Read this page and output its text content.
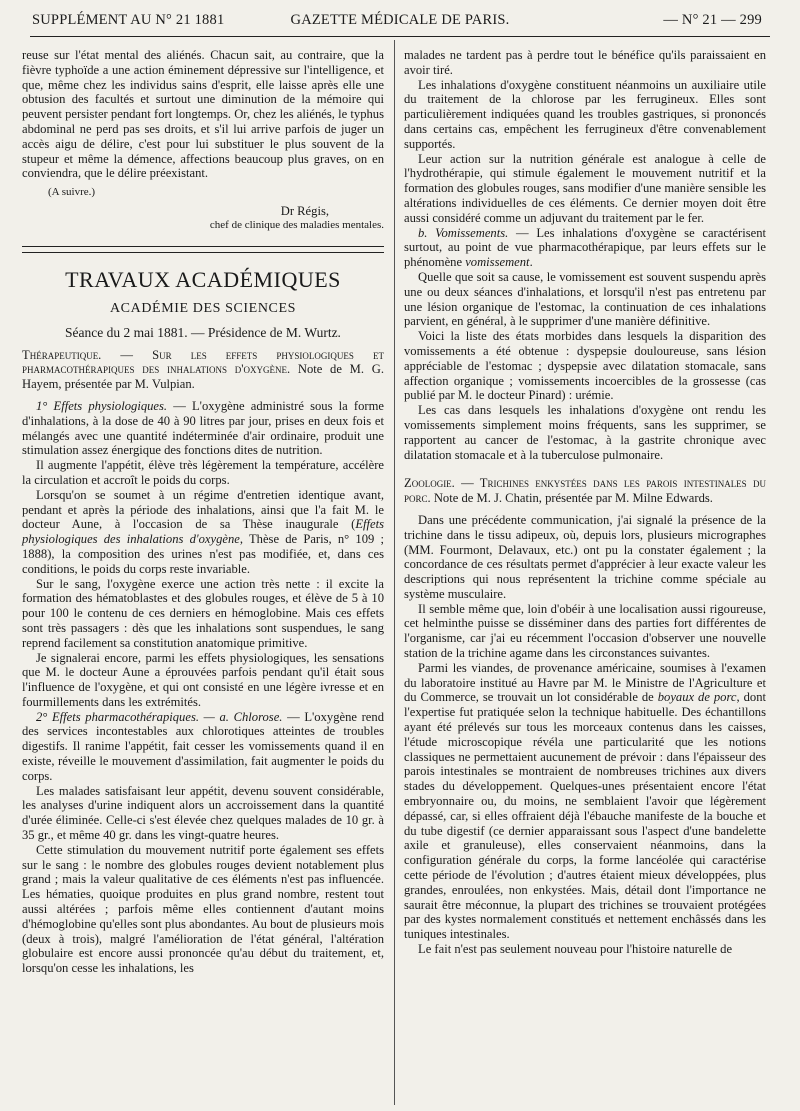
SUPPLÉMENT AU N° 21 1881	GAZETTE MÉDICALE DE PARIS.	— N° 21 — 299

reuse sur l'état mental des aliénés. Chacun sait, au contraire, que la fièvre typhoïde a une action éminement dépressive sur l'intelligence, et que, même chez les individus sains d'esprit, elle laisse après elle une obtusion des facultés et surtout une diminution de la mémoire qui peuvent persister pendant fort longtemps. Or, chez les aliénés, le typhus abdominal ne perd pas ses droits, et s'il lui arrive parfois de juger un accès aigu de délire, c'est pour lui substituer le plus souvent de la stupeur et même la démence, affections beaucoup plus graves, on en conviendra, que le délire préexistant.

(A suivre.)

Dr Régis,
chef de clinique des maladies mentales.
TRAVAUX ACADÉMIQUES
ACADÉMIE DES SCIENCES
Séance du 2 mai 1881. — Présidence de M. Wurtz.

Thérapeutique. — Sur les effets physiologiques et pharmacothérapiques des inhalations d'oxygène. Note de M. G. Hayem, présentée par M. Vulpian.

1° Effets physiologiques. — L'oxygène administré sous la forme d'inhalations, à la dose de 40 à 90 litres par jour, prises en deux fois et mélangés avec une quantité indéterminée d'air ordinaire, produit une stimulation assez énergique des fonctions dites de nutrition.

Il augmente l'appétit, élève très légèrement la température, accélère la circulation et accroît le poids du corps.

Lorsqu'on se soumet à un régime d'entretien identique avant, pendant et après la période des inhalations, ainsi que l'a fait M. le docteur Aune, à l'occasion de sa Thèse inaugurale (Effets physiologiques des inhalations d'oxygène, Thèse de Paris, n° 109 ; 1888), la composition des urines n'est pas modifiée, et, dans ces conditions, le poids du corps reste invariable.

Sur le sang, l'oxygène exerce une action très nette : il excite la formation des hématoblastes et des globules rouges, et élève de 5 à 10 pour 100 le contenu de ces derniers en hémoglobine. Mais ces effets sont très passagers : dès que les inhalations sont suspendues, le sang reprend facilement sa constitution anatomique primitive.

Je signalerai encore, parmi les effets physiologiques, les sensations que M. le docteur Aune a éprouvées parfois pendant qu'il était sous l'influence de l'oxygène, et qui ont consisté en une légère ivresse et en fourmillements dans les extrémités.

2° Effets pharmacothérapiques. — a. Chlorose. — L'oxygène rend des services incontestables aux chlorotiques atteintes de troubles digestifs. Il ranime l'appétit, fait cesser les vomissements quand il en existe, réveille le mouvement d'assimilation, fait augmenter le poids du corps.

Les malades satisfaisant leur appétit, devenu souvent considérable, les analyses d'urine indiquent alors un accroissement dans la quantité d'urée éliminée. Celle-ci s'est élevée chez quelques malades de 10 gr. à 35 gr., et même 40 gr. dans les vingt-quatre heures.

Cette stimulation du mouvement nutritif porte également ses effets sur le sang : le nombre des globules rouges devient notablement plus grand ; mais la valeur qualitative de ces éléments n'est pas influencée. Les hématies, quoique produites en plus grand nombre, restent tout aussi altérées ; parfois même elles contiennent d'autant moins d'hémoglobine qu'elles sont plus abondantes. Au bout de plusieurs mois (deux à trois), malgré l'amélioration de l'état général, l'altération globulaire est encore aussi prononcée qu'au début du traitement, et, lorsqu'on cesse les inhalations, les

malades ne tardent pas à perdre tout le bénéfice qu'ils paraissaient en avoir tiré.

Les inhalations d'oxygène constituent néanmoins un auxiliaire utile du traitement de la chlorose par les ferrugineux. Elles sont particulièrement indiquées quand les troubles gastriques, si prononcés dans certains cas, empêchent les ferrugineux d'être convenablement supportés.

Leur action sur la nutrition générale est analogue à celle de l'hydrothérapie, qui stimule également le mouvement nutritif et la formation des globules rouges, sans modifier d'une manière sensible les altérations individuelles de ces éléments. Ce dernier moyen doit être aussi considéré comme un adjuvant du traitement par le fer.

b. Vomissements. — Les inhalations d'oxygène se caractérisent surtout, au point de vue pharmacothérapique, par leurs effets sur le phénomène vomissement.

Quelle que soit sa cause, le vomissement est souvent suspendu après une ou deux séances d'inhalations, et lorsqu'il n'est pas entretenu par une lésion organique de l'estomac, la continuation de ces inhalations parvient, en général, à le supprimer d'une manière définitive.

Voici la liste des états morbides dans lesquels la disparition des vomissements a été obtenue : dyspepsie douloureuse, sans lésion appréciable de l'estomac ; dyspepsie avec dilatation stomacale, sans affection organique ; vomissements incoercibles de la grossesse (cas publié par M. le docteur Pinard) : urémie.

Les cas dans lesquels les inhalations d'oxygène ont rendu les vomissements simplement moins fréquents, sans les supprimer, se rapportent au cancer de l'estomac, à la gastrite chronique avec dilatation stomacale et à la tuberculose pulmonaire.

Zoologie. — Trichines enkystées dans les parois intestinales du porc. Note de M. J. Chatin, présentée par M. Milne Edwards.

Dans une précédente communication, j'ai signalé la présence de la trichine dans le tissu adipeux, où, depuis lors, plusieurs micrographes (MM. Fourmont, Delavaux, etc.) ont pu la constater également ; la concordance de ces résultats permet d'apprécier à leur exacte valeur les descriptions qui nous représentent la trichine comme spéciale au système musculaire.

Il semble même que, loin d'obéir à une localisation aussi rigoureuse, cet helminthe puisse se disséminer dans des parties fort différentes de l'organisme, car j'ai eu récemment l'occasion d'observer une nouvelle station de la trichine agame dans les circonstances suivantes.

Parmi les viandes, de provenance américaine, soumises à l'examen du laboratoire institué au Havre par M. le Ministre de l'Agriculture et du Commerce, se trouvait un lot considérable de boyaux de porc, dont l'expertise fut pratiquée selon la technique habituelle. Des échantillons ayant été prélevés sur tous les morceaux contenus dans les caisses, l'étude microscopique révéla une particularité que les notions classiques ne permettaient aucunement de prévoir : dans l'épaisseur des parois intestinales se montraient de nombreuses trichines aux divers stades du développement. Quelques-unes présentaient encore l'état embryonnaire ou, du moins, ne semblaient l'avoir que légèrement dépassé, car, si elles offraient déjà l'ébauche manifeste de la bouche et du tube digestif (ce dernier apparaissant sous l'aspect d'une bandelette axile et granuleuse), elles conservaient néanmoins, dans la configuration générale du corps, la forme lancéolée qui caractérise cette période de l'évolution ; d'autres étaient mieux développées, plus grandes, enroulées, non enkystées. Mais, détail dont l'importance ne saurait être méconnue, la plupart des trichines se trouvaient protégées par des kystes normalement constitués et nettement enchâssés dans les tuniques intestinales.

Le fait n'est pas seulement nouveau pour l'histoire naturelle de
